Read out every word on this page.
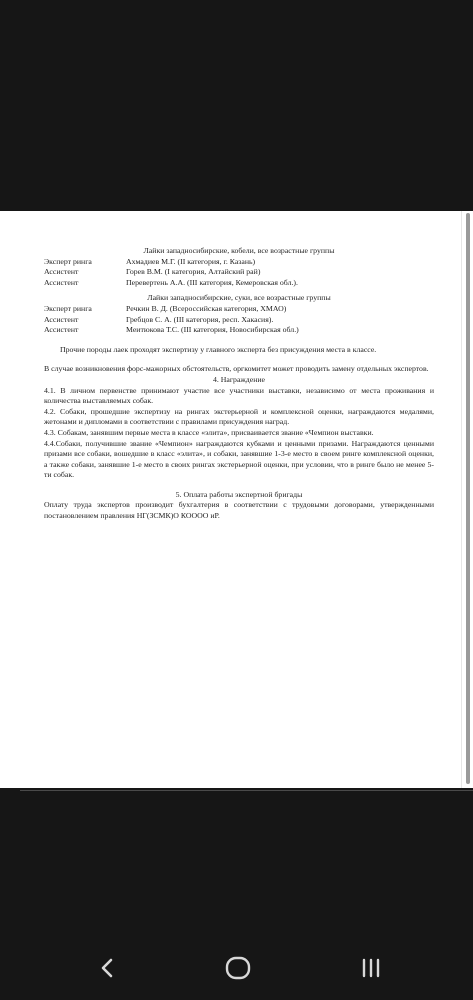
Лайки западносибирские, кобели, все возрастные группы

Эксперт ринга	Ахмадиев М.Г. (II категория, г. Казань)
Ассистент	Горев В.М. (I категория, Алтайский рай)
Ассистент	Перевертень А.А. (III категория, Кемеровская обл.).

Лайки западносибирские, суки, все возрастные группы

Эксперт ринга	Речкин В. Д. (Всероссийская категория, ХМАО)
Ассистент	Гребцов С. А. (III категория, респ. Хакасия).
Ассистент	Меитюкова Т.С. (III категория, Новосибирская обл.)

Прочие породы лаек проходят экспертизу у главного эксперта без присуждения места в классе.

В случае возникновения форс-мажорных обстоятельств, оргкомитет может проводить замену отдельных экспертов.

4. Награждение

4.1. В личном первенстве принимают участие все участники выставки, независимо от места проживания и количества выставляемых собак.

4.2. Собаки, прошедшие экспертизу на рингах экстерьерной и комплексной оценки, награждаются медалями, жетонами и дипломами в соответствии с правилами присуждения наград.

4.3. Собакам, занявшим первые места в классе «элита», присваивается звание «Чемпион выставки.

4.4.Собаки, получившие звание «Чемпион» награждаются кубками и ценными призами. Награждаются ценными призами все собаки, вошедшие в класс «элита», и собаки, занявшие 1-3-е место в своем ринге комплексной оценки, а также собаки, занявшие 1-е место в своих рингах экстерьерной оценки, при условии, что в ринге было не менее 5-ти собак.

5. Оплата работы экспертной бригады

Оплату труда экспертов производит бухгалтерия в соответствии с трудовыми договорами, утвержденными постановлением правления НГ(ЗСМК)О КОООО иР.
